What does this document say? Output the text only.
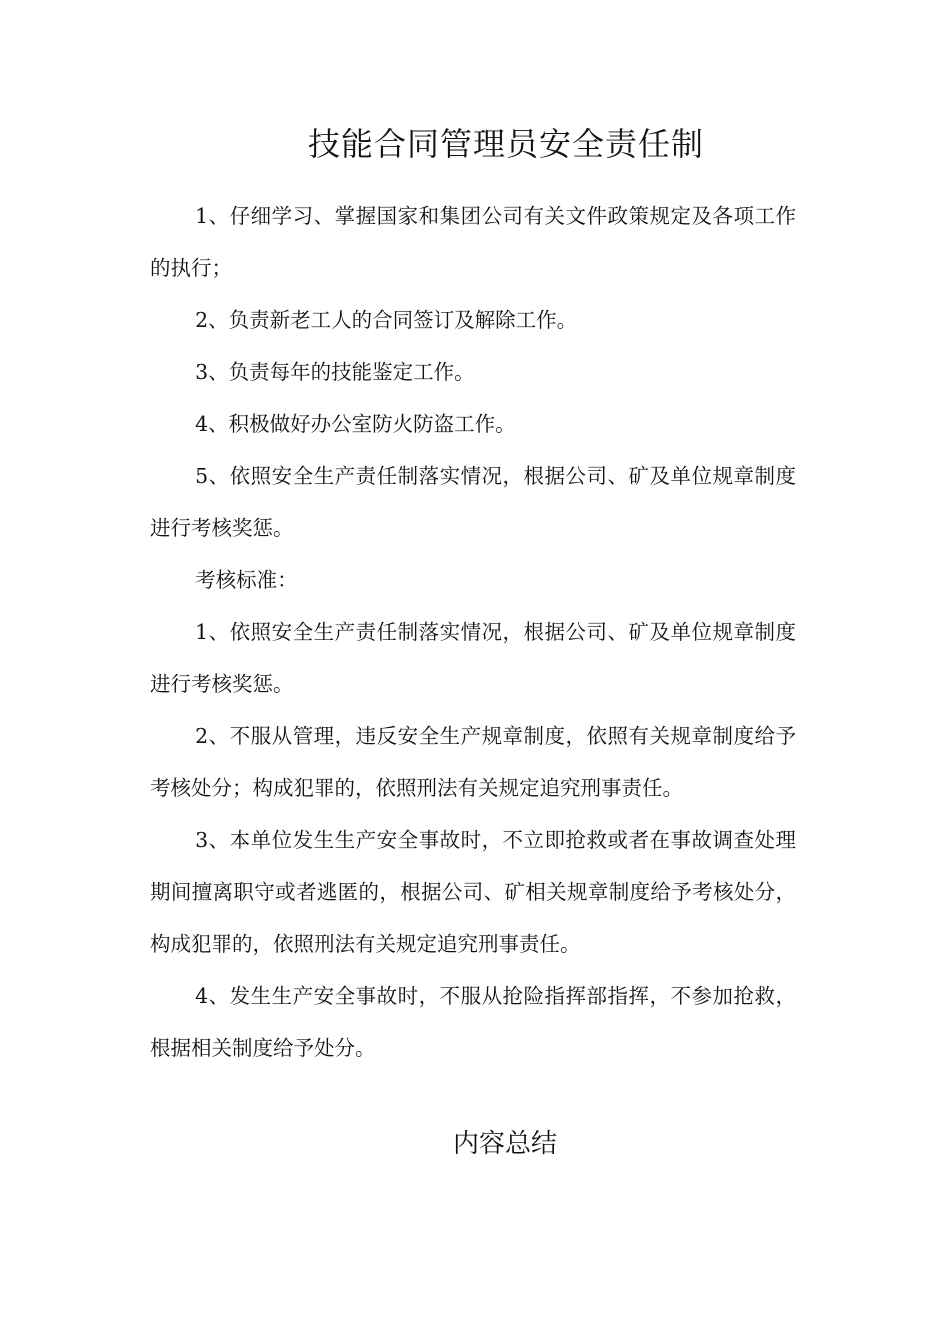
技能合同管理员安全责任制

1、仔细学习、掌握国家和集团公司有关文件政策规定及各项工作的执行；

2、负责新老工人的合同签订及解除工作。

3、负责每年的技能鉴定工作。

4、积极做好办公室防火防盗工作。

5、依照安全生产责任制落实情况，根据公司、矿及单位规章制度进行考核奖惩。

考核标准：

1、依照安全生产责任制落实情况，根据公司、矿及单位规章制度进行考核奖惩。

2、不服从管理，违反安全生产规章制度，依照有关规章制度给予考核处分；构成犯罪的，依照刑法有关规定追究刑事责任。

3、本单位发生生产安全事故时，不立即抢救或者在事故调查处理期间擅离职守或者逃匿的，根据公司、矿相关规章制度给予考核处分，构成犯罪的，依照刑法有关规定追究刑事责任。

4、发生生产安全事故时，不服从抢险指挥部指挥，不参加抢救，根据相关制度给予处分。

内容总结
